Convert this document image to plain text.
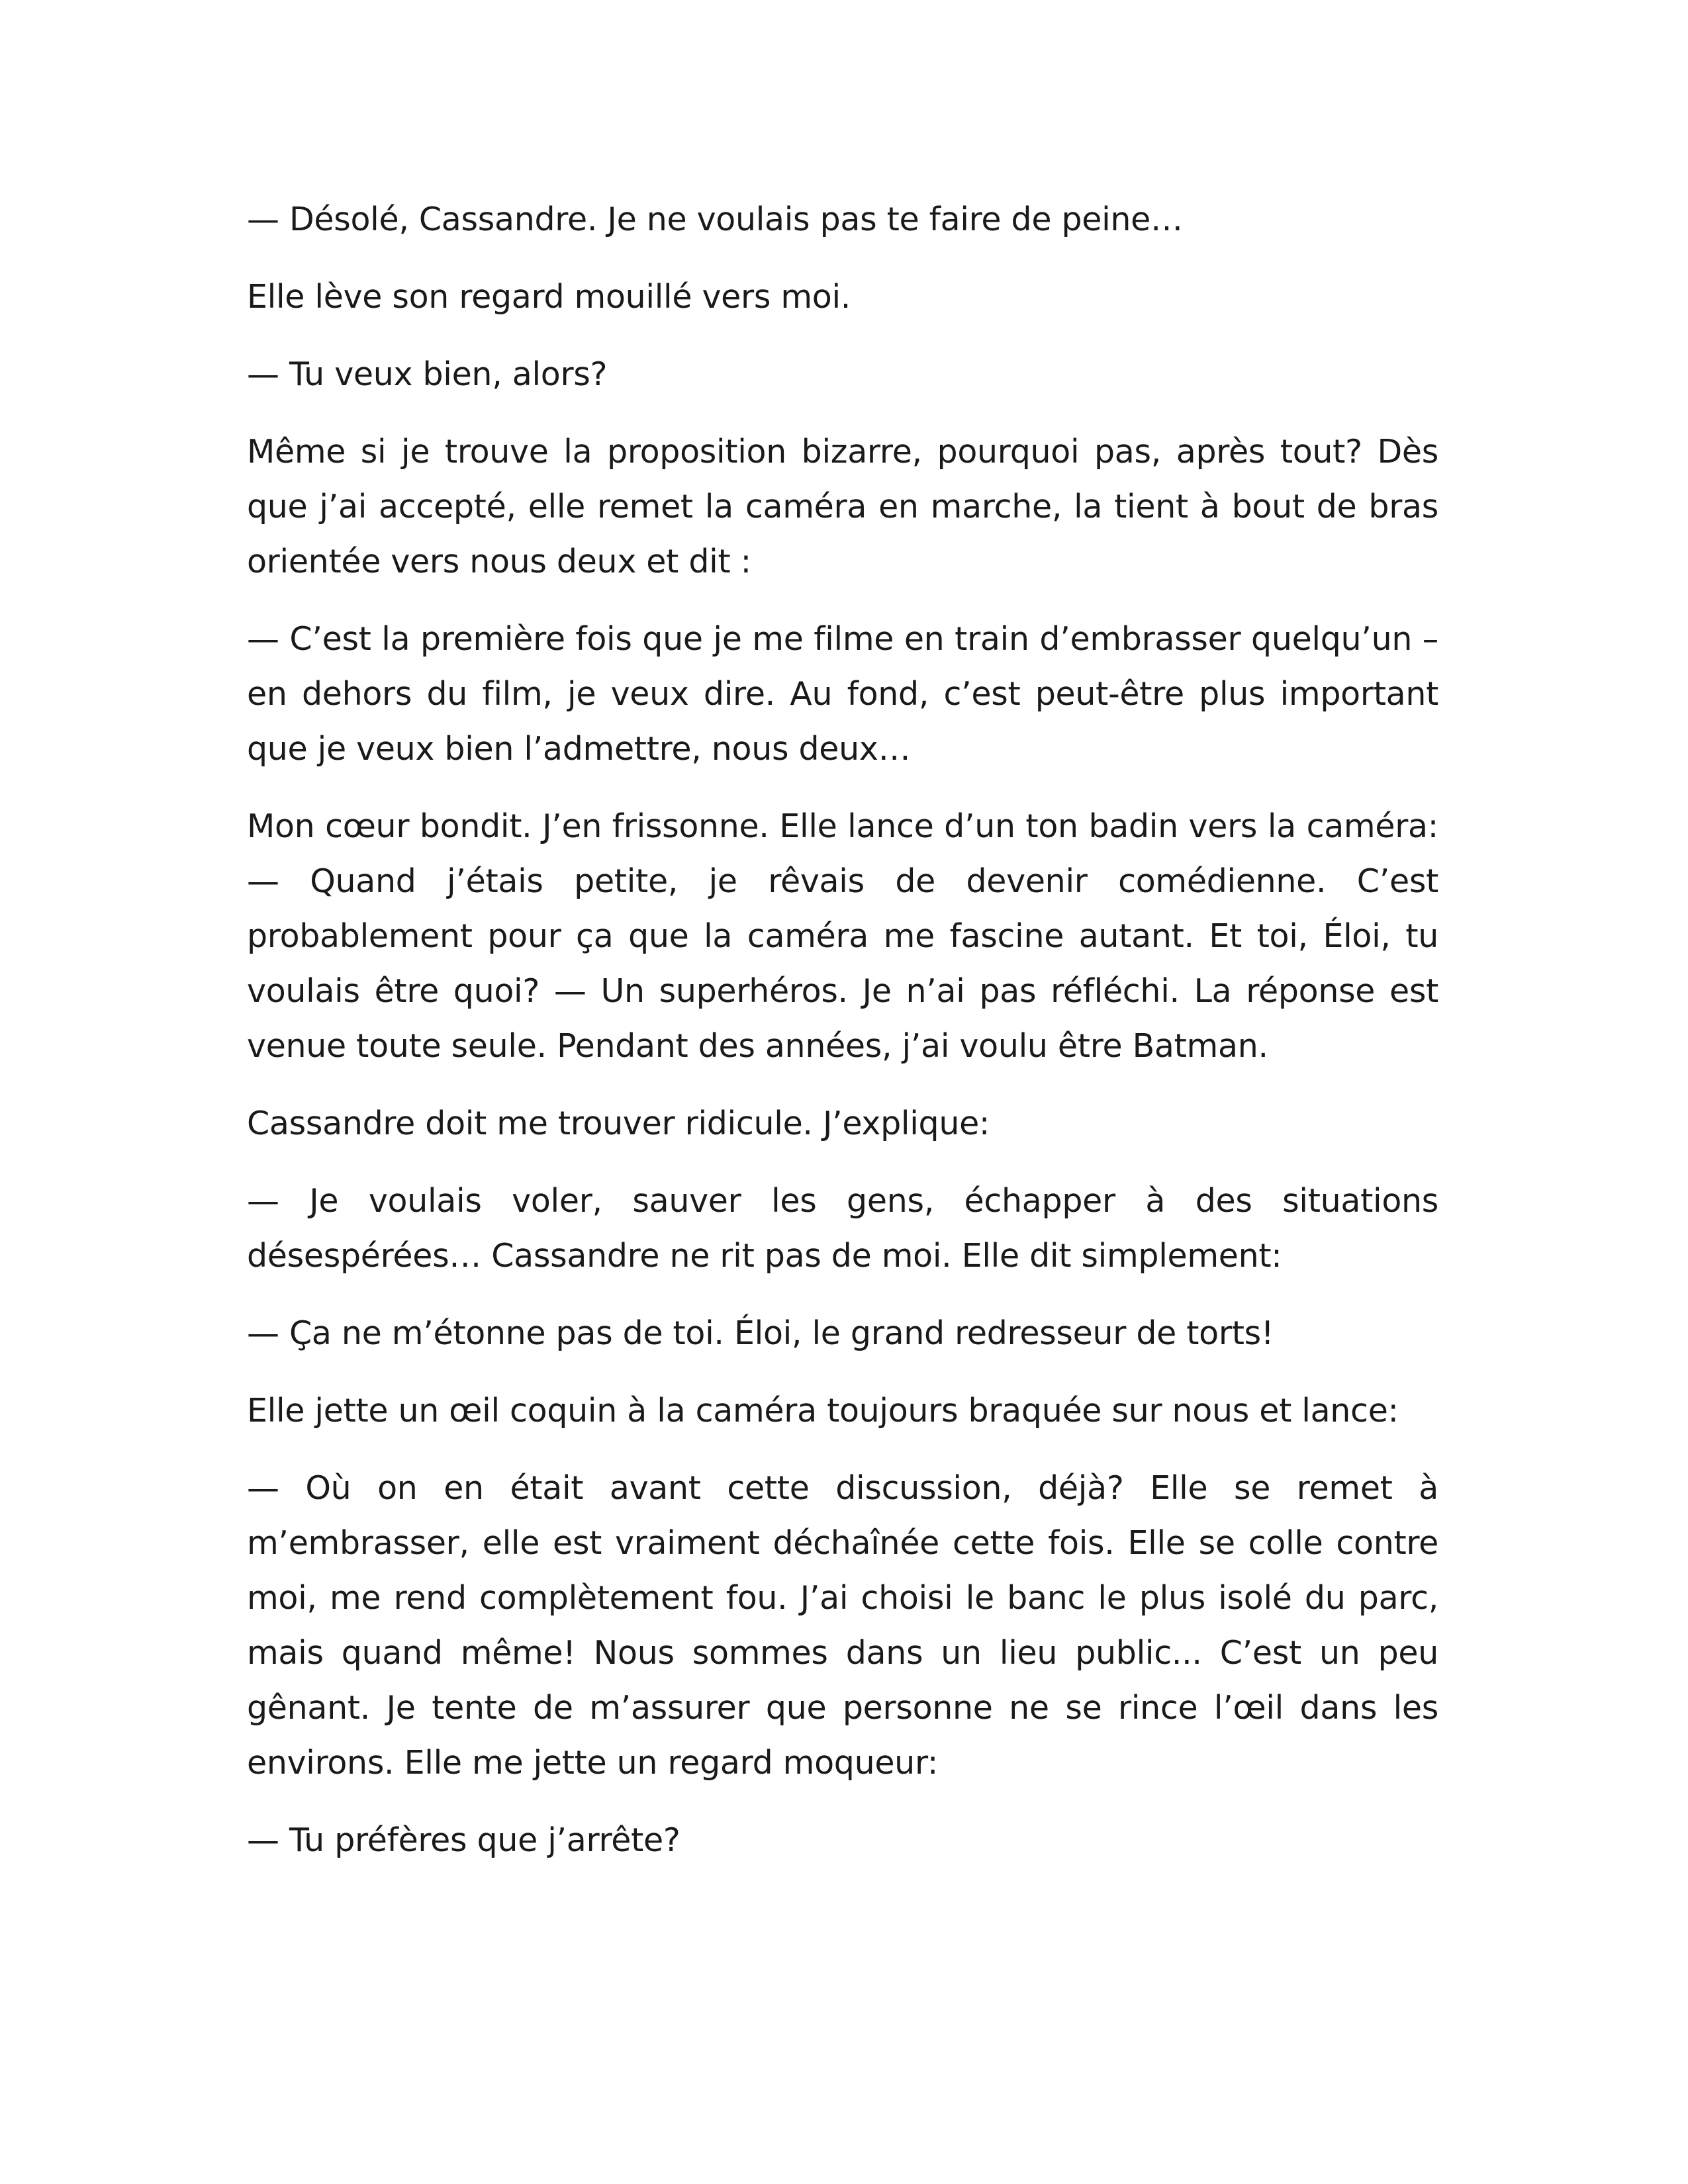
— Désolé, Cassandre. Je ne voulais pas te faire de peine…

Elle lève son regard mouillé vers moi.

— Tu veux bien, alors?

Même si je trouve la proposition bizarre, pourquoi pas, après tout? Dès que j’ai accepté, elle remet la caméra en marche, la tient à bout de bras orientée vers nous deux et dit :

— C’est la première fois que je me filme en train d’embrasser quelqu’un – en dehors du film, je veux dire. Au fond, c’est peut-être plus important que je veux bien l’admettre, nous deux…

Mon cœur bondit. J’en frissonne. Elle lance d’un ton badin vers la caméra: — Quand j’étais petite, je rêvais de devenir comédienne. C’est probablement pour ça que la caméra me fascine autant. Et toi, Éloi, tu voulais être quoi? — Un superhéros. Je n’ai pas réfléchi. La réponse est venue toute seule. Pendant des années, j’ai voulu être Batman.

Cassandre doit me trouver ridicule. J’explique:

— Je voulais voler, sauver les gens, échapper à des situations désespérées… Cassandre ne rit pas de moi. Elle dit simplement:

— Ça ne m’étonne pas de toi. Éloi, le grand redresseur de torts!

Elle jette un œil coquin à la caméra toujours braquée sur nous et lance:

— Où on en était avant cette discussion, déjà? Elle se remet à m’embrasser, elle est vraiment déchaînée cette fois. Elle se colle contre moi, me rend complètement fou. J’ai choisi le banc le plus isolé du parc, mais quand même! Nous sommes dans un lieu public... C’est un peu gênant. Je tente de m’assurer que personne ne se rince l’œil dans les environs. Elle me jette un regard moqueur:

— Tu préfères que j’arrête?
